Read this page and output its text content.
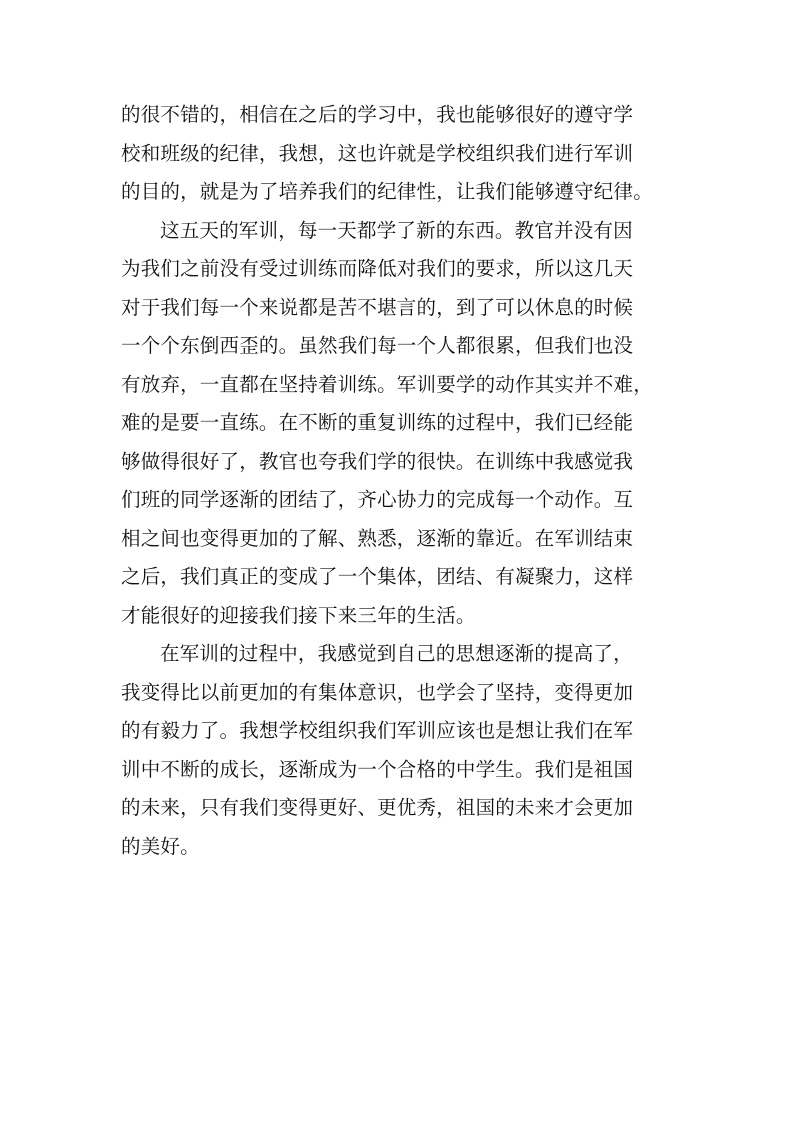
的很不错的，相信在之后的学习中，我也能够很好的遵守学
校和班级的纪律，我想，这也许就是学校组织我们进行军训
的目的，就是为了培养我们的纪律性，让我们能够遵守纪律。
这五天的军训，每一天都学了新的东西。教官并没有因
为我们之前没有受过训练而降低对我们的要求，所以这几天
对于我们每一个来说都是苦不堪言的，到了可以休息的时候
一个个东倒西歪的。虽然我们每一个人都很累，但我们也没
有放弃，一直都在坚持着训练。军训要学的动作其实并不难，
难的是要一直练。在不断的重复训练的过程中，我们已经能
够做得很好了，教官也夸我们学的很快。在训练中我感觉我
们班的同学逐渐的团结了，齐心协力的完成每一个动作。互
相之间也变得更加的了解、熟悉，逐渐的靠近。在军训结束
之后，我们真正的变成了一个集体，团结、有凝聚力，这样
才能很好的迎接我们接下来三年的生活。
在军训的过程中，我感觉到自己的思想逐渐的提高了，
我变得比以前更加的有集体意识，也学会了坚持，变得更加
的有毅力了。我想学校组织我们军训应该也是想让我们在军
训中不断的成长，逐渐成为一个合格的中学生。我们是祖国
的未来，只有我们变得更好、更优秀，祖国的未来才会更加
的美好。
